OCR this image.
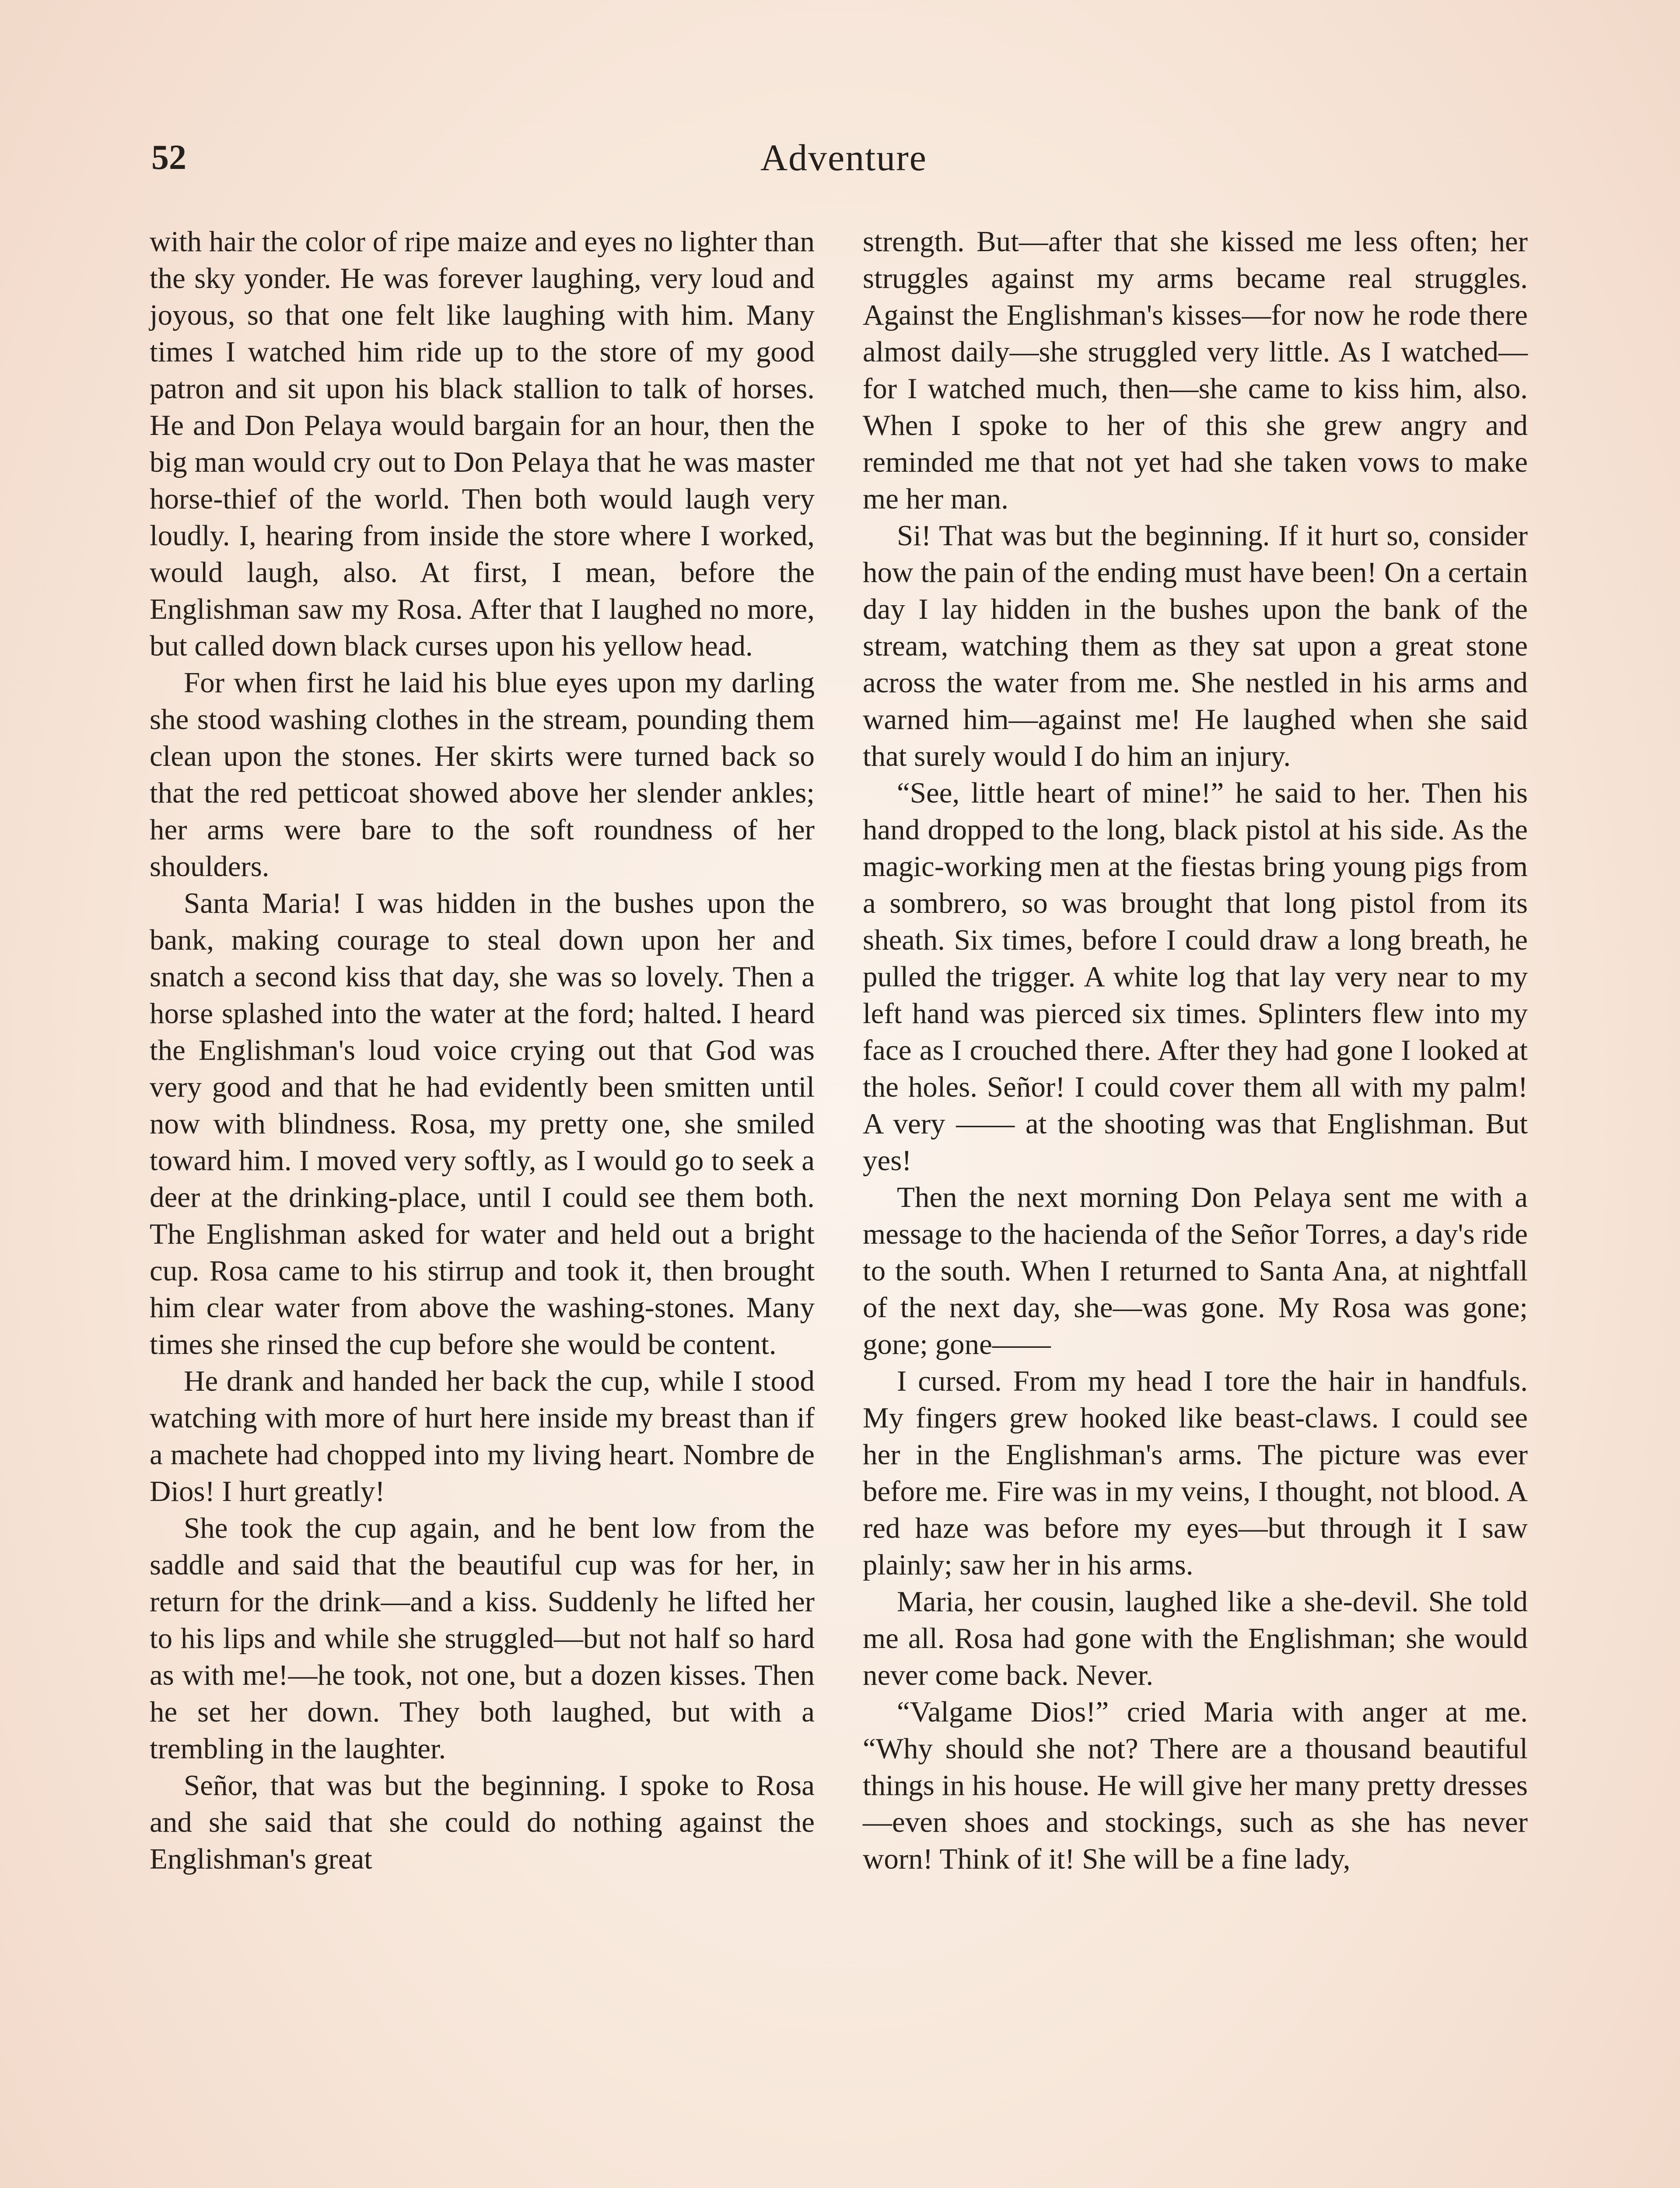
52	Adventure

with hair the color of ripe maize and eyes no lighter than the sky yonder. He was forever laughing, very loud and joyous, so that one felt like laughing with him. Many times I watched him ride up to the store of my good patron and sit upon his black stallion to talk of horses. He and Don Pelaya would bargain for an hour, then the big man would cry out to Don Pelaya that he was master horse-thief of the world. Then both would laugh very loudly. I, hearing from inside the store where I worked, would laugh, also. At first, I mean, before the Englishman saw my Rosa. After that I laughed no more, but called down black curses upon his yellow head.

For when first he laid his blue eyes upon my darling she stood washing clothes in the stream, pounding them clean upon the stones. Her skirts were turned back so that the red petticoat showed above her slender ankles; her arms were bare to the soft roundness of her shoulders.

Santa Maria! I was hidden in the bushes upon the bank, making courage to steal down upon her and snatch a second kiss that day, she was so lovely. Then a horse splashed into the water at the ford; halted. I heard the Englishman's loud voice crying out that God was very good and that he had evidently been smitten until now with blindness. Rosa, my pretty one, she smiled toward him. I moved very softly, as I would go to seek a deer at the drinking-place, until I could see them both. The Englishman asked for water and held out a bright cup. Rosa came to his stirrup and took it, then brought him clear water from above the washing-stones. Many times she rinsed the cup before she would be content.

He drank and handed her back the cup, while I stood watching with more of hurt here inside my breast than if a machete had chopped into my living heart. Nombre de Dios! I hurt greatly!

She took the cup again, and he bent low from the saddle and said that the beautiful cup was for her, in return for the drink—and a kiss. Suddenly he lifted her to his lips and while she struggled—but not half so hard as with me!—he took, not one, but a dozen kisses. Then he set her down. They both laughed, but with a trembling in the laughter.

Señor, that was but the beginning. I spoke to Rosa and she said that she could do nothing against the Englishman's great

strength. But—after that she kissed me less often; her struggles against my arms became real struggles. Against the Englishman's kisses—for now he rode there almost daily—she struggled very little. As I watched—for I watched much, then—she came to kiss him, also. When I spoke to her of this she grew angry and reminded me that not yet had she taken vows to make me her man.

Si! That was but the beginning. If it hurt so, consider how the pain of the ending must have been! On a certain day I lay hidden in the bushes upon the bank of the stream, watching them as they sat upon a great stone across the water from me. She nestled in his arms and warned him—against me! He laughed when she said that surely would I do him an injury.

“See, little heart of mine!” he said to her. Then his hand dropped to the long, black pistol at his side. As the magic-working men at the fiestas bring young pigs from a sombrero, so was brought that long pistol from its sheath. Six times, before I could draw a long breath, he pulled the trigger. A white log that lay very near to my left hand was pierced six times. Splinters flew into my face as I crouched there. After they had gone I looked at the holes. Señor! I could cover them all with my palm! A very —— at the shooting was that Englishman. But yes!

Then the next morning Don Pelaya sent me with a message to the hacienda of the Señor Torres, a day's ride to the south. When I returned to Santa Ana, at nightfall of the next day, she—was gone. My Rosa was gone; gone; gone——

I cursed. From my head I tore the hair in handfuls. My fingers grew hooked like beast-claws. I could see her in the Englishman's arms. The picture was ever before me. Fire was in my veins, I thought, not blood. A red haze was before my eyes—but through it I saw plainly; saw her in his arms.

Maria, her cousin, laughed like a she-devil. She told me all. Rosa had gone with the Englishman; she would never come back. Never.

“Valgame Dios!” cried Maria with anger at me. “Why should she not? There are a thousand beautiful things in his house. He will give her many pretty dresses—even shoes and stockings, such as she has never worn! Think of it! She will be a fine lady,
